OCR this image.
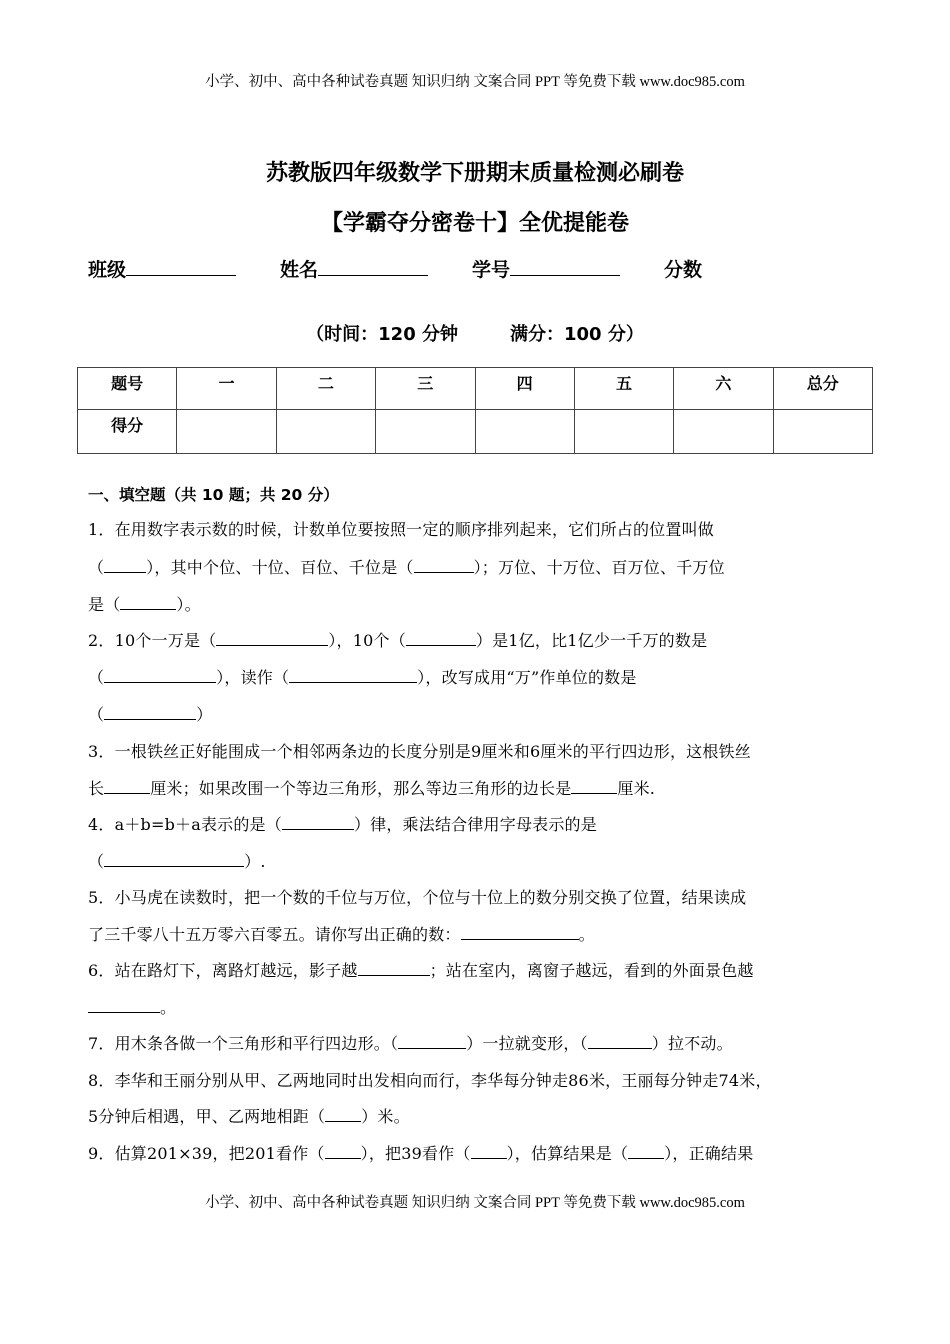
小学、初中、高中各种试卷真题 知识归纳 文案合同 PPT 等免费下载 www.doc985.com
苏教版四年级数学下册期末质量检测必刷卷
【学霸夺分密卷十】全优提能卷
班级	姓名	学号	分数
（时间：120 分钟	满分：100 分）
题号	一	二	三	四	五	六	总分
得分							
一、填空题（共 10 题；共 20 分）
1．在用数字表示数的时候，计数单位要按照一定的顺序排列起来，它们所占的位置叫做
（	），其中个位、十位、百位、千位是（	）；万位、十万位、百万位、千万位
是（	）。
2．10个一万是（	），10个（	）是1亿，比1亿少一千万的数是
（	），读作（	），改写成用“万”作单位的数是
（	）
3．一根铁丝正好能围成一个相邻两条边的长度分别是9厘米和6厘米的平行四边形，这根铁丝
长	厘米；如果改围一个等边三角形，那么等边三角形的边长是	厘米.
4．a＋b=b＋a表示的是（	）律，乘法结合律用字母表示的是
（	）.
5．小马虎在读数时，把一个数的千位与万位，个位与十位上的数分别交换了位置，结果读成
了三千零八十五万零六百零五。请你写出正确的数：	。
6．站在路灯下，离路灯越远，影子越	；站在室内，离窗子越远，看到的外面景色越
。
7．用木条各做一个三角形和平行四边形。（	）一拉就变形，（	）拉不动。
8．李华和王丽分别从甲、乙两地同时出发相向而行，李华每分钟走86米，王丽每分钟走74米，
5分钟后相遇，甲、乙两地相距（ ）米。
9．估算201×39，把201看作（ ），把39看作（ ），估算结果是（ ），正确结果
小学、初中、高中各种试卷真题 知识归纳 文案合同 PPT 等免费下载 www.doc985.com
